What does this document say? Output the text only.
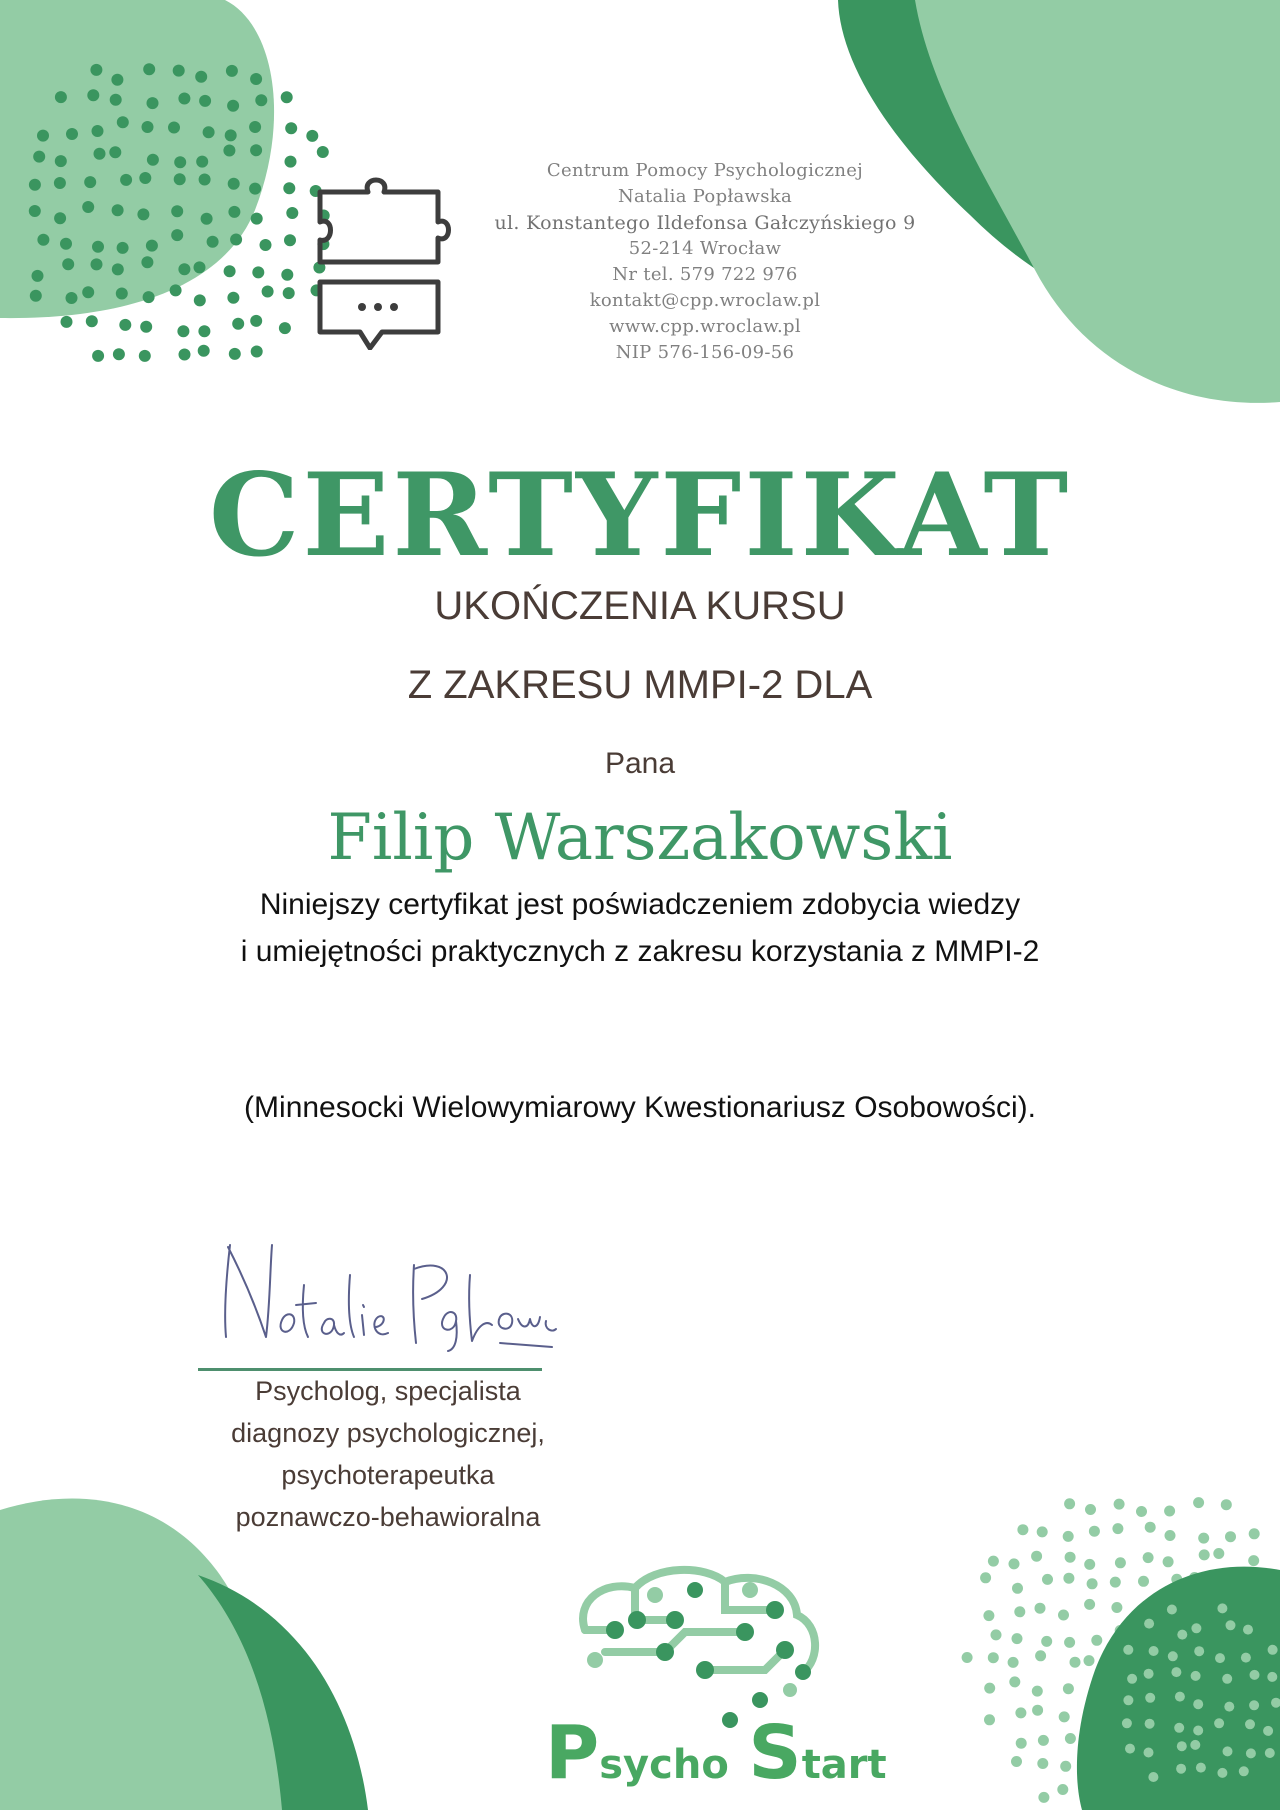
Centrum Pomocy Psychologicznej
Natalia Popławska
ul. Konstantego Ildefonsa Gałczyńskiego 9
52-214 Wrocław
Nr tel. 579 722 976
kontakt@cpp.wroclaw.pl
www.cpp.wroclaw.pl
NIP 576-156-09-56
CERTYFIKAT
UKOŃCZENIA KURSU
Z ZAKRESU MMPI-2 DLA
Pana
Filip Warszakowski
Niniejszy certyfikat jest poświadczeniem zdobycia wiedzy
i umiejętności praktycznych z zakresu korzystania z MMPI-2
(Minnesocki Wielowymiarowy Kwestionariusz Osobowości).
Psycholog, specjalista
diagnozy psychologicznej,
psychoterapeutka
poznawczo-behawioralna
Psycho Start
